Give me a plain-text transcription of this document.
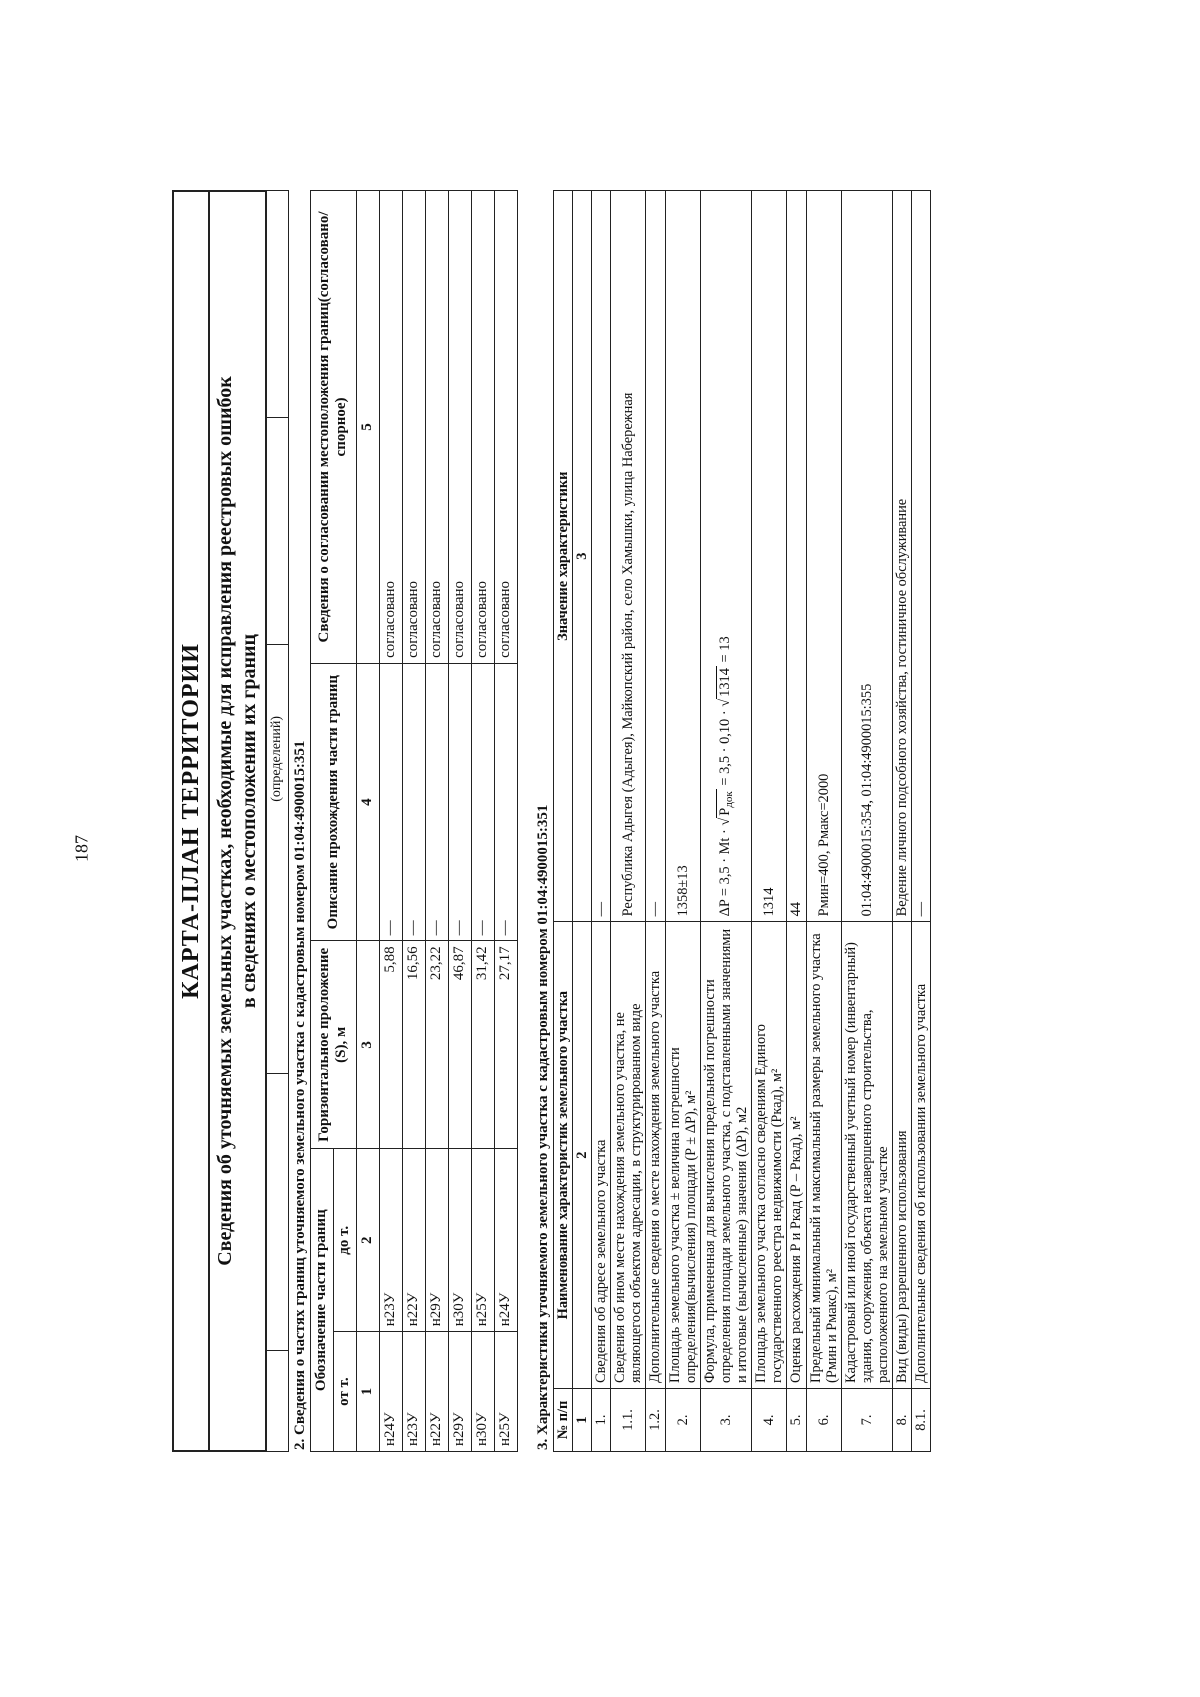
187	КАРТА-ПЛАН ТЕРРИТОРИИ

Сведения об уточняемых земельных участках, необходимые для исправления реестровых ошибок в сведениях о местоположении их границ
		(определений)		2. Сведения о частях границ уточняемого земельного участка с кадастровым номером 01:04:4900015:351 Обозначение части границ		Горизонтальное проложение (S), м	Описание прохождения части границ	Сведения о согласовании местоположения границ(согласовано/спорное)
от т.	до т.			
1	2	3	4	5
н24У	н23У	5,88	—	согласовано
н23У	н22У	16,56	—	согласовано
н22У	н29У	23,22	—	согласовано
н29У	н30У	46,87	—	согласовано
н30У	н25У	31,42	—	согласовано
н25У	н24У	27,17	—	согласовано
3. Характеристики уточняемого земельного участка с кадастровым номером 01:04:4900015:351 № п/п	Наименование характеристик земельного участка	Значение характеристики
1	2	3
1.	Сведения об адресе земельного участка	—
1.1.	Сведения об ином месте нахождения земельного участка, не являющегося объектом адресации, в структурированном виде	Республика Адыгея (Адыгея), Майкопский район, село Хамышки, улица Набережная
1.2.	Дополнительные сведения о месте нахождения земельного участка	—
2.	Площадь земельного участка ± величина погрешности определения(вычисления) площади (P ± ΔP), м²	1358±13
3.	Формула, примененная для вычисления предельной погрешности определения площади земельного участка, с подставленными значениями и итоговые (вычисленные) значения (ΔP), м2	$\Delta P = 3,5 \cdot Mt \cdot √P_{док} = 3,5 \cdot 0,10 \cdot √1314 = 13$
4.	Площадь земельного участка согласно сведениям Единого государственного реестра недвижимости (Pкад), м²	1314
5.	Оценка расхождения P и Pкад (P – Pкад), м²	44
6.	Предельный минимальный и максимальный размеры земельного участка (Pмин и Pмакс), м²	Pмин=400, Pмакс=2000
7.	Кадастровый или иной государственный учетный номер (инвентарный) здания, сооружения, объекта незавершенного строительства, расположенного на земельном участке	01:04:4900015:354, 01:04:4900015:355
8.	Вид (виды) разрешенного использования	Ведение личного подсобного хозяйства, гостиничное обслуживание
8.1.	Дополнительные сведения об использовании земельного участка	—
